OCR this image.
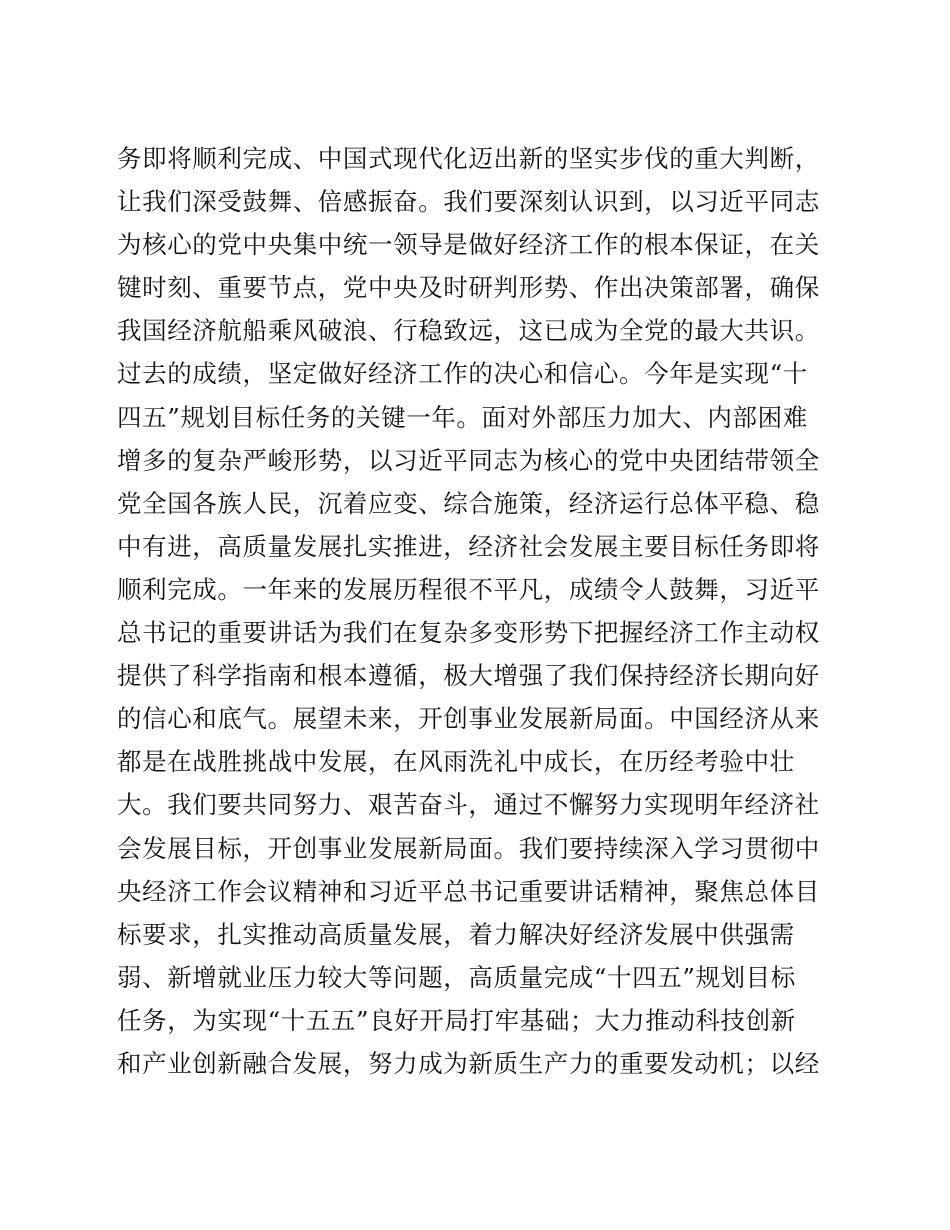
务即将顺利完成、中国式现代化迈出新的坚实步伐的重大判断，
让我们深受鼓舞、倍感振奋。我们要深刻认识到，以习近平同志
为核心的党中央集中统一领导是做好经济工作的根本保证，在关
键时刻、重要节点，党中央及时研判形势、作出决策部署，确保
我国经济航船乘风破浪、行稳致远，这已成为全党的最大共识。
过去的成绩，坚定做好经济工作的决心和信心。今年是实现“十
四五”规划目标任务的关键一年。面对外部压力加大、内部困难
增多的复杂严峻形势，以习近平同志为核心的党中央团结带领全
党全国各族人民，沉着应变、综合施策，经济运行总体平稳、稳
中有进，高质量发展扎实推进，经济社会发展主要目标任务即将
顺利完成。一年来的发展历程很不平凡，成绩令人鼓舞，习近平
总书记的重要讲话为我们在复杂多变形势下把握经济工作主动权
提供了科学指南和根本遵循，极大增强了我们保持经济长期向好
的信心和底气。展望未来，开创事业发展新局面。中国经济从来
都是在战胜挑战中发展，在风雨洗礼中成长，在历经考验中壮
大。我们要共同努力、艰苦奋斗，通过不懈努力实现明年经济社
会发展目标，开创事业发展新局面。我们要持续深入学习贯彻中
央经济工作会议精神和习近平总书记重要讲话精神，聚焦总体目
标要求，扎实推动高质量发展，着力解决好经济发展中供强需
弱、新增就业压力较大等问题，高质量完成“十四五”规划目标
任务，为实现“十五五”良好开局打牢基础；大力推动科技创新
和产业创新融合发展，努力成为新质生产力的重要发动机；以经
